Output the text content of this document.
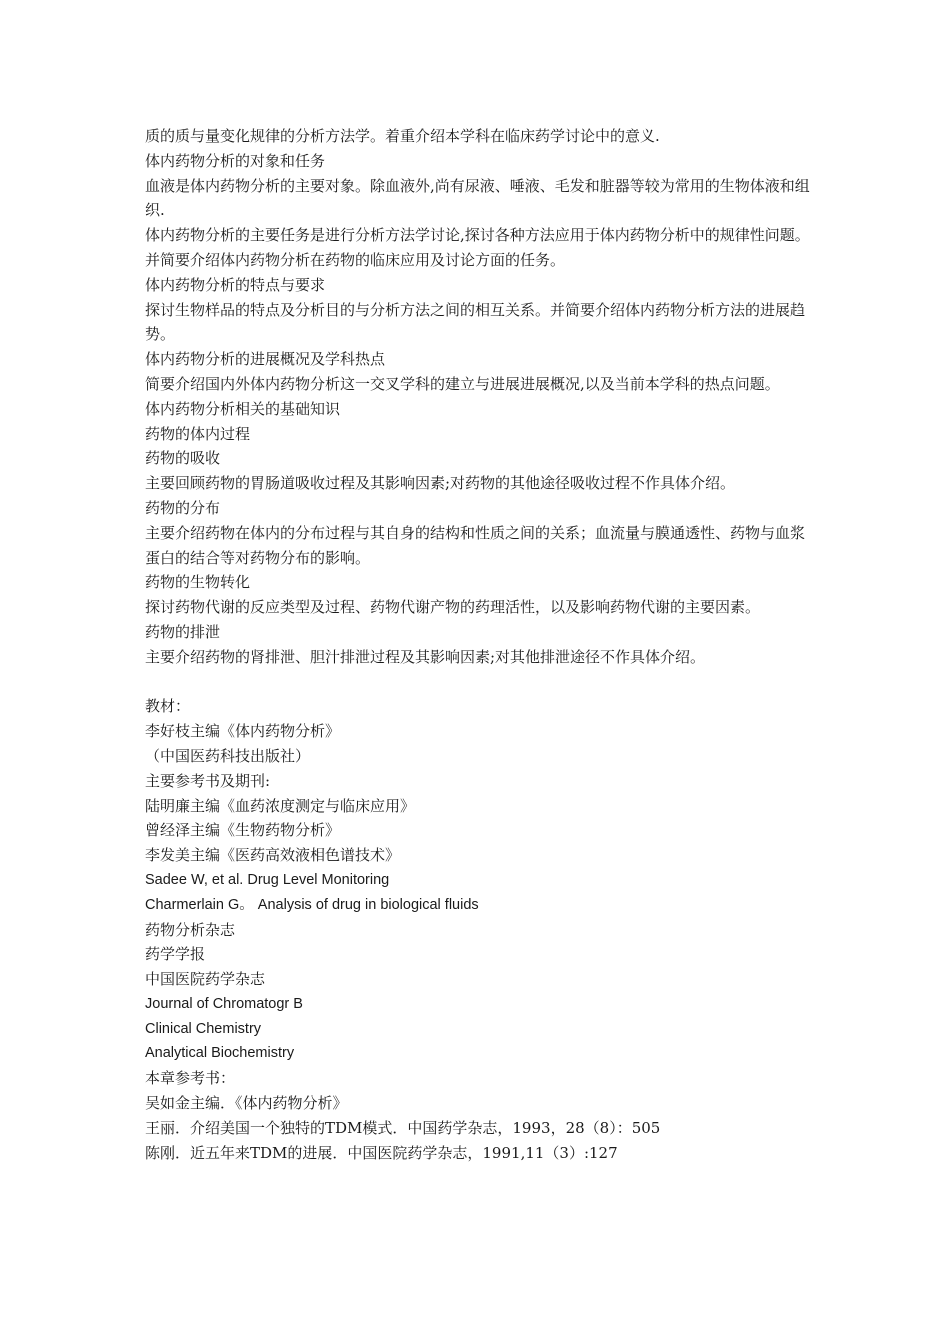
质的质与量变化规律的分析方法学。着重介绍本学科在临床药学讨论中的意义.
体内药物分析的对象和任务
血液是体内药物分析的主要对象。除血液外,尚有尿液、唾液、毛发和脏器等较为常用的生物体液和组织.
体内药物分析的主要任务是进行分析方法学讨论,探讨各种方法应用于体内药物分析中的规律性问题。并简要介绍体内药物分析在药物的临床应用及讨论方面的任务。
体内药物分析的特点与要求
探讨生物样品的特点及分析目的与分析方法之间的相互关系。并简要介绍体内药物分析方法的进展趋势。
体内药物分析的进展概况及学科热点
简要介绍国内外体内药物分析这一交叉学科的建立与进展进展概况,以及当前本学科的热点问题。
体内药物分析相关的基础知识
药物的体内过程
药物的吸收
主要回顾药物的胃肠道吸收过程及其影响因素;对药物的其他途径吸收过程不作具体介绍。
药物的分布
主要介绍药物在体内的分布过程与其自身的结构和性质之间的关系；血流量与膜通透性、药物与血浆蛋白的结合等对药物分布的影响。
药物的生物转化
探讨药物代谢的反应类型及过程、药物代谢产物的药理活性，以及影响药物代谢的主要因素。
药物的排泄
主要介绍药物的肾排泄、胆汁排泄过程及其影响因素;对其他排泄途径不作具体介绍。
教材：
李好枝主编《体内药物分析》
（中国医药科技出版社）
主要参考书及期刊:
陆明廉主编《血药浓度测定与临床应用》
曾经泽主编《生物药物分析》
李发美主编《医药高效液相色谱技术》
Sadee W, et al. Drug Level Monitoring
Charmerlain G。 Analysis of drug in biological fluids
药物分析杂志
药学学报
中国医院药学杂志
Journal of Chromatogr B
Clinical Chemistry
Analytical Biochemistry
本章参考书：
吴如金主编．《体内药物分析》
王丽．介绍美国一个独特的TDM模式．中国药学杂志，1993，28（8）：505
陈刚．近五年来TDM的进展．中国医院药学杂志，1991,11（3）:127
